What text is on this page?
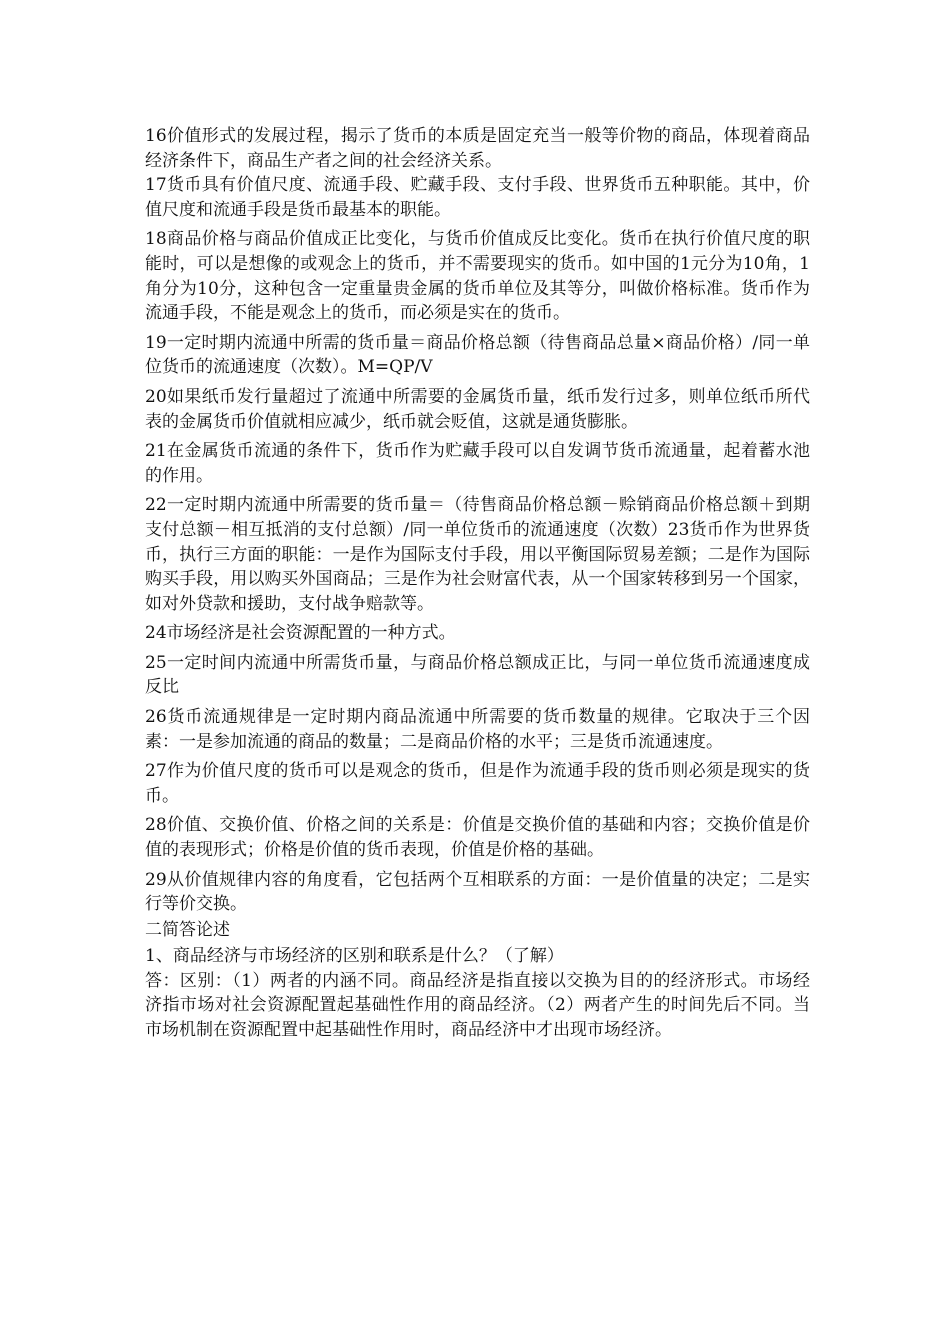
16价值形式的发展过程，揭示了货币的本质是固定充当一般等价物的商品，体现着商品经济条件下，商品生产者之间的社会经济关系。

17货币具有价值尺度、流通手段、贮藏手段、支付手段、世界货币五种职能。其中，价值尺度和流通手段是货币最基本的职能。

18商品价格与商品价值成正比变化，与货币价值成反比变化。货币在执行价值尺度的职能时，可以是想像的或观念上的货币，并不需要现实的货币。如中国的1元分为10角，1角分为10分，这种包含一定重量贵金属的货币单位及其等分，叫做价格标准。货币作为流通手段，不能是观念上的货币，而必须是实在的货币。

19一定时期内流通中所需的货币量＝商品价格总额（待售商品总量×商品价格）/同一单位货币的流通速度（次数）。M=QP/V

20如果纸币发行量超过了流通中所需要的金属货币量，纸币发行过多，则单位纸币所代表的金属货币价值就相应减少，纸币就会贬值，这就是通货膨胀。

21在金属货币流通的条件下，货币作为贮藏手段可以自发调节货币流通量，起着蓄水池的作用。

22一定时期内流通中所需要的货币量＝（待售商品价格总额－赊销商品价格总额＋到期支付总额－相互抵消的支付总额）/同一单位货币的流通速度（次数）23货币作为世界货币，执行三方面的职能：一是作为国际支付手段，用以平衡国际贸易差额；二是作为国际购买手段，用以购买外国商品；三是作为社会财富代表，从一个国家转移到另一个国家，如对外贷款和援助，支付战争赔款等。

24市场经济是社会资源配置的一种方式。

25一定时间内流通中所需货币量，与商品价格总额成正比，与同一单位货币流通速度成反比

26货币流通规律是一定时期内商品流通中所需要的货币数量的规律。它取决于三个因素：一是参加流通的商品的数量；二是商品价格的水平；三是货币流通速度。

27作为价值尺度的货币可以是观念的货币，但是作为流通手段的货币则必须是现实的货币。

28价值、交换价值、价格之间的关系是：价值是交换价值的基础和内容；交换价值是价值的表现形式；价格是价值的货币表现，价值是价格的基础。

29从价值规律内容的角度看，它包括两个互相联系的方面：一是价值量的决定；二是实行等价交换。

二简答论述

1、商品经济与市场经济的区别和联系是什么？（了解）

答：区别：（1）两者的内涵不同。商品经济是指直接以交换为目的的经济形式。市场经济指市场对社会资源配置起基础性作用的商品经济。（2）两者产生的时间先后不同。当市场机制在资源配置中起基础性作用时，商品经济中才出现市场经济。
